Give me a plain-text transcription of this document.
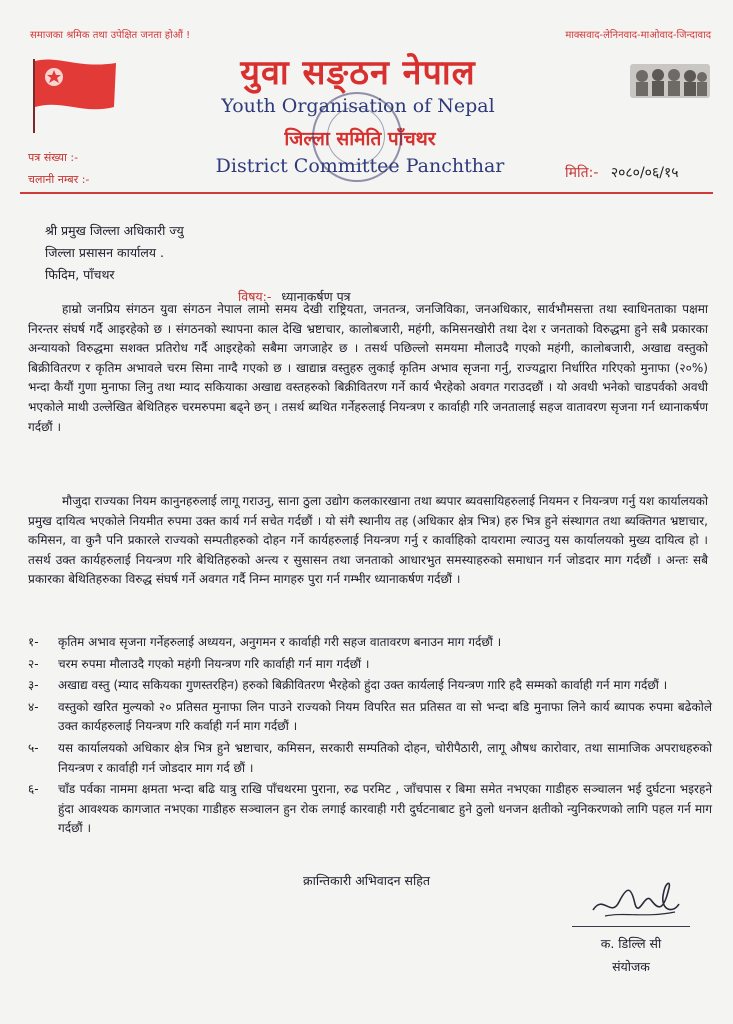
समाजका श्रमिक तथा उपेक्षित जनता होऔं !	माक्सवाद-लेनिनवाद-माओवाद-जिन्दावाद
युवा सङ्ठन नेपाल
Youth Organisation of Nepal
जिल्ला समिति पाँचथर
District Committee Panchthar
पत्र संख्या :-
चलानी नम्बर :-	मिति:- २०८०/०६/१५
श्री प्रमुख जिल्ला अधिकारी ज्यु
जिल्ला प्रसासन कार्यालय .
फिदिम, पाँचथर
विषय:- ध्यानाकर्षण पत्र

हाम्रो जनप्रिय संगठन युवा संगठन नेपाल लामो समय देखी राष्ट्रियता, जनतन्त्र, जनजिविका, जनअधिकार, सार्वभौमसत्ता तथा स्वाधिनताका पक्षमा निरन्तर संघर्ष गर्दै आइरहेको छ । संगठनको स्थापना काल देखि भ्रष्टाचार, कालोबजारी, महंगी, कमिसनखोरी तथा देश र जनताको विरुद्धमा हुने सबै प्रकारका अन्यायको विरुद्धमा सशक्त प्रतिरोध गर्दै आइरहेको सबैमा जगजाहेर छ । तसर्थ पछिल्लो समयमा मौलाउदै गएको महंगी, कालोबजारी, अखाद्य वस्तुको बिक्रीवितरण र कृतिम अभावले चरम सिमा नाग्दै गएको छ । खाद्यान्न वस्तुहरु लुकाई कृतिम अभाव सृजना गर्नु, राज्यद्वारा निर्धारित गरिएको मुनाफा (२०%) भन्दा कैयौं गुणा मुनाफा लिनु तथा म्याद सकियाका अखाद्य वस्तहरुको बिक्रीवितरण गर्ने कार्य भैरहेको अवगत गराउदछौं । यो अवधी भनेको चाडपर्वको अवधी भएकोले माथी उल्लेखित बेथितिहरु चरमरुपमा बढ्ने छन् । तसर्थ ब्यथित गर्नेहरुलाई नियन्त्रण र कार्वाही गरि जनतालाई सहज वातावरण सृजना गर्न ध्यानाकर्षण गर्दछौं ।

मौजुदा राज्यका नियम कानुनहरुलाई लागू गराउनु, साना ठुला उद्योग कलकारखाना तथा ब्यपार ब्यवसायिहरुलाई नियमन र नियन्त्रण गर्नु यश कार्यालयको प्रमुख दायित्व भएकोले नियमीत रुपमा उक्त कार्य गर्न सचेत गर्दछौं । यो संगै स्थानीय तह (अधिकार क्षेत्र भित्र) हरु भित्र हुने संस्थागत तथा ब्यक्तिगत भ्रष्टाचार, कमिसन, वा कुनै पनि प्रकारले राज्यको सम्पतीहरुको दोहन गर्ने कार्यहरुलाई नियन्त्रण गर्नु र कार्वाहिको दायरामा ल्याउनु यस कार्यालयको मुख्य दायित्व हो । तसर्थ उक्त कार्यहरुलाई नियन्त्रण गरि बेथितिहरुको अन्त्य र सुसासन तथा जनताको आधारभुत समस्याहरुको समाधान गर्न जोडदार माग गर्दछौं । अन्तः सबै प्रकारका बेथितिहरुका विरुद्ध संघर्ष गर्ने अवगत गर्दै निम्न मागहरु पुरा गर्न गम्भीर ध्यानाकर्षण गर्दछौं ।

१- कृतिम अभाव सृजना गर्नेहरुलाई अध्ययन, अनुगमन र कार्वाही गरी सहज वातावरण बनाउन माग गर्दछौं ।
२- चरम रुपमा मौलाउदै गएको महंगी नियन्त्रण गरि कार्वाही गर्न माग गर्दछौं ।
३- अखाद्य वस्तु (म्याद सकियका गुणस्तरहिन) हरुको बिक्रीवितरण भैरहेको हुंदा उक्त कार्यलाई नियन्त्रण गारि हदै सम्मको कार्वाही गर्न माग गर्दछौं ।
४- वस्तुको खरित मुल्यको २० प्रतिसत मुनाफा लिन पाउने राज्यको नियम विपरित सत प्रतिसत वा सो भन्दा बडि मुनाफा लिने कार्य ब्यापक रुपमा बढेकोले उक्त कार्यहरुलाई नियन्त्रण गरि कर्वाही गर्न माग गर्दछौं ।
५- यस कार्यालयको अधिकार क्षेत्र भित्र हुने भ्रष्टाचार, कमिसन, सरकारी सम्पतिको दोहन, चोरीपैठारी, लागू औषध कारोवार, तथा सामाजिक अपराधहरुको नियन्त्रण र कार्वाही गर्न जोडदार माग गर्द छौं ।
६- चाँड पर्वका नाममा क्षमता भन्दा बढि यात्रु राखि पाँचथरमा पुराना, रुढ परमिट , जाँचपास र बिमा समेत नभएका गाडीहरु सञ्चालन भई दुर्घटना भइरहने हुंदा आवश्यक कागजात नभएका गाडीहरु सञ्चालन हुन रोक लगाई कारवाही गरी दुर्घटनाबाट हुने ठुलो धनजन क्षतीको न्युनिकरणको लागि पहल गर्न माग गर्दछौं ।
क्रान्तिकारी अभिवादन सहित
क. डिल्लि सी
संयोजक
